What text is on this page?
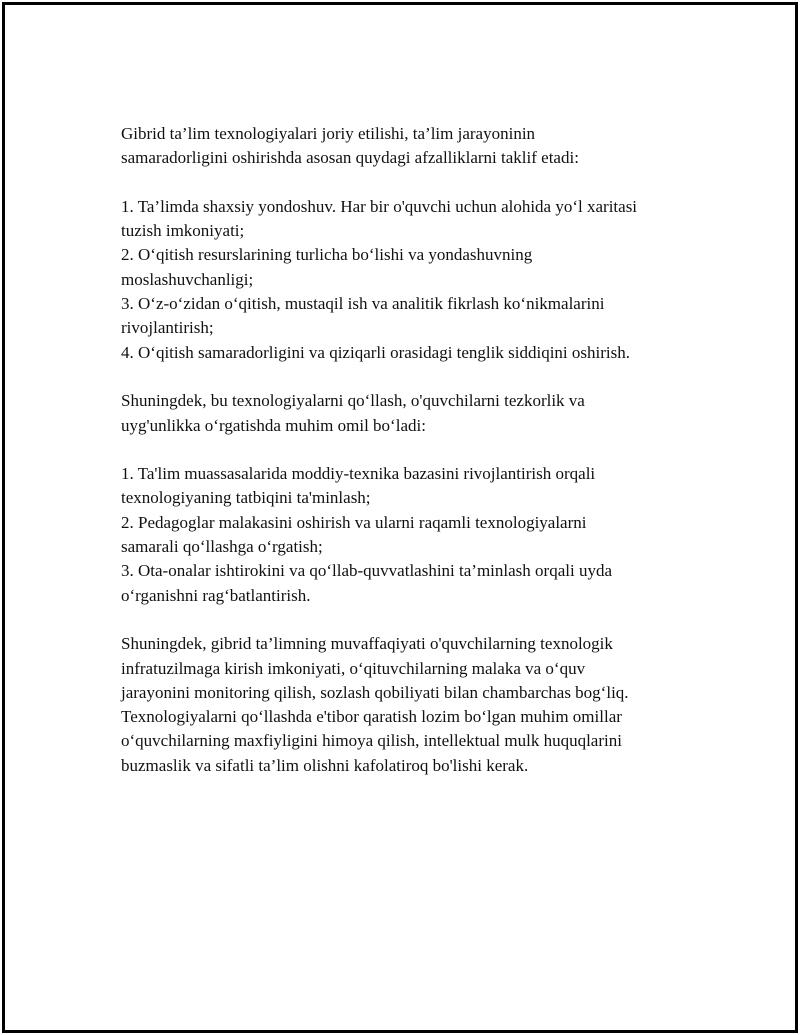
Gibrid ta’lim texnologiyalari joriy etilishi, ta’lim jarayoninin
samaradorligini oshirishda asosan quydagi afzalliklarni taklif etadi:

1. Ta’limda shaxsiy yondoshuv. Har bir o'quvchi uchun alohida yo‘l xaritasi
tuzish imkoniyati;
2. O‘qitish resurslarining turlicha bo‘lishi va yondashuvning
moslashuvchanligi;
3. O‘z-o‘zidan o‘qitish, mustaqil ish va analitik fikrlash ko‘nikmalarini
rivojlantirish;
4. O‘qitish samaradorligini va qiziqarli orasidagi tenglik siddiqini oshirish.

Shuningdek, bu texnologiyalarni qo‘llash, o'quvchilarni tezkorlik va
uyg'unlikka o‘rgatishda muhim omil bo‘ladi:

1. Ta'lim muassasalarida moddiy-texnika bazasini rivojlantirish orqali
texnologiyaning tatbiqini ta'minlash;
2. Pedagoglar malakasini oshirish va ularni raqamli texnologiyalarni
samarali qo‘llashga o‘rgatish;
3. Ota-onalar ishtirokini va qo‘llab-quvvatlashini ta’minlash orqali uyda
o‘rganishni rag‘batlantirish.

Shuningdek, gibrid ta’limning muvaffaqiyati o'quvchilarning texnologik
infratuzilmaga kirish imkoniyati, o‘qituvchilarning malaka va o‘quv
jarayonini monitoring qilish, sozlash qobiliyati bilan chambarchas bog‘liq.
Texnologiyalarni qo‘llashda e'tibor qaratish lozim bo‘lgan muhim omillar
o‘quvchilarning maxfiyligini himoya qilish, intellektual mulk huquqlarini
buzmaslik va sifatli ta’lim olishni kafolatiroq bo'lishi kerak.
